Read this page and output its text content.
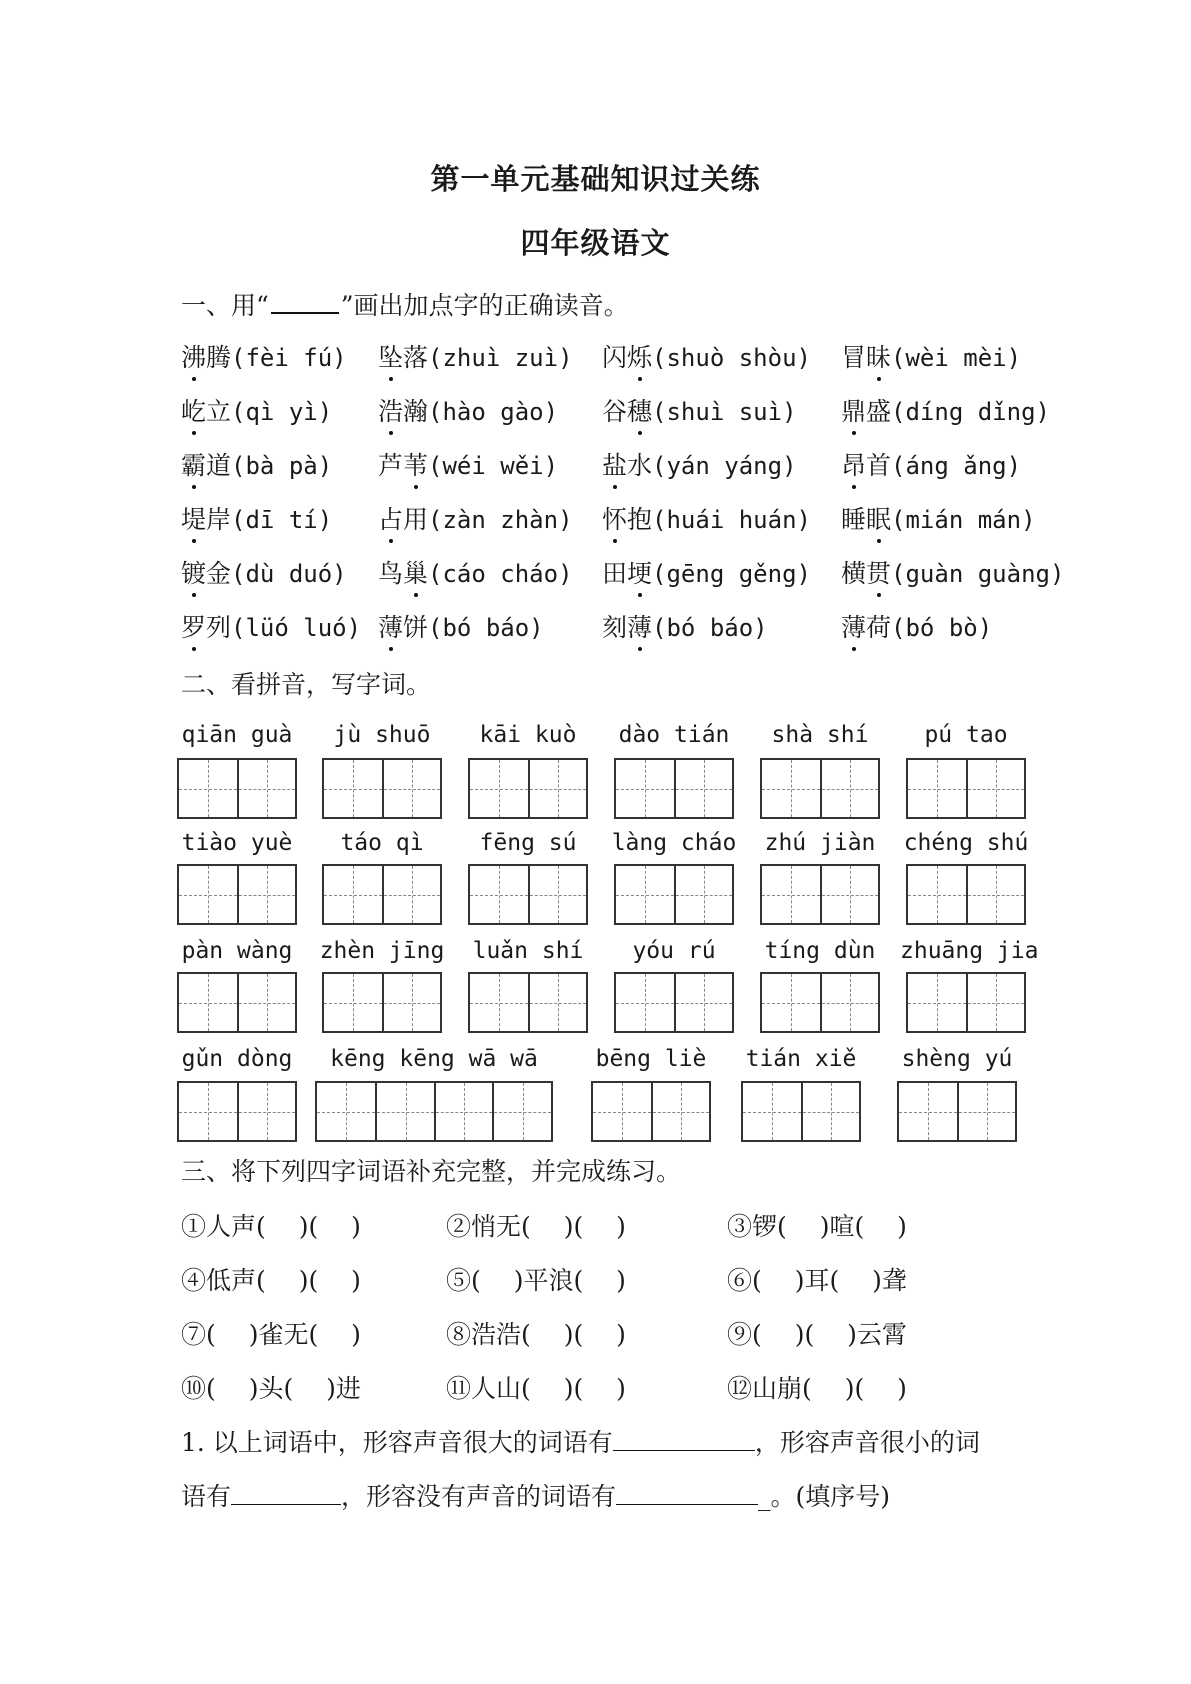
第一单元基础知识过关练
四年级语文
一、用“	”画出加点字的正确读音。
沸腾(fèi fú) 坠落(zhuì zuì) 闪烁(shuò shòu) 冒昧(wèi mèi)
屹立(qì yì) 浩瀚(hào gào) 谷穗(shuì suì) 鼎盛(díng dǐng)
霸道(bà pà) 芦苇(wéi wěi) 盐水(yán yáng) 昂首(áng ǎng)
堤岸(dī tí) 占用(zàn zhàn) 怀抱(huái huán) 睡眠(mián mán)
镀金(dù duó) 鸟巢(cáo cháo) 田埂(gēng gěng) 横贯(guàn guàng)
罗列(lüó luó) 薄饼(bó báo) 刻薄(bó báo)	薄荷(bó bò)
二、看拼音，写字词。
qiān guà	jù shuō	kāi kuò	dào tián	shà shí	pú tao
tiào yuè	táo qì	fēng sú	làng cháo	zhú jiàn	chéng shú
pàn wàng	zhèn jīng	luǎn shí	yóu rú	tíng dùn	zhuāng jia
gǔn dòng	kēng kēng wā wā	bēng liè	tián xiě	shèng yú
三、将下列四字词语补充完整，并完成练习。
①人声(　 )(　 )	②悄无(　 )(　 )	③锣(　 )喧(　 )
④低声(　 )(　 )	⑤(　 )平浪(　 )	⑥(　 )耳(　 )聋
⑦(　 )雀无(　 )	⑧浩浩(　 )(　 )	⑨(　 )(　 )云霄
⑩(　 )头(　 )进	⑪人山(　 )(　 )	⑫山崩(　 )(　 )
1. 以上词语中，形容声音很大的词语有	，形容声音很小的词
语有	，形容没有声音的词语有	_。(填序号)
